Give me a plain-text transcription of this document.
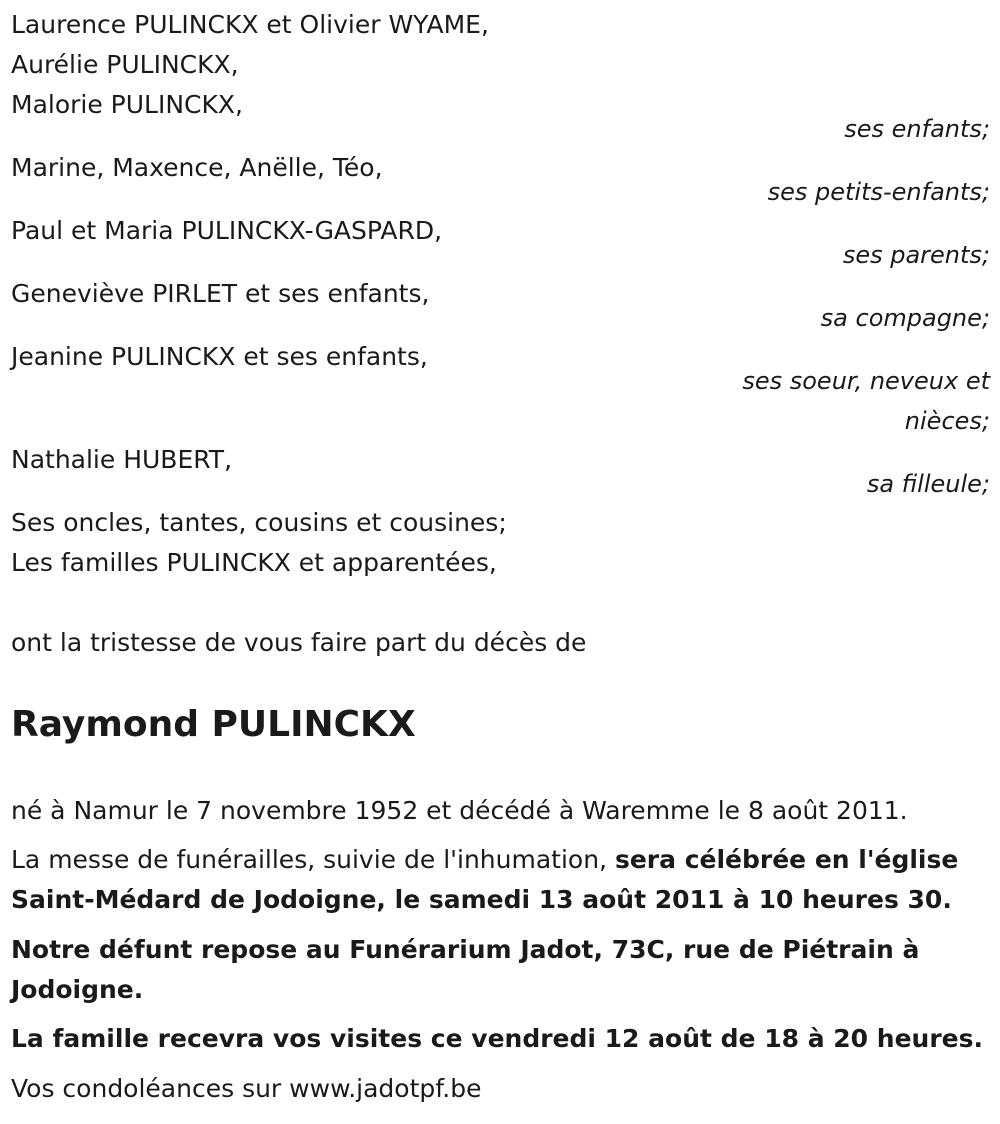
Laurence PULINCKX et Olivier WYAME,
Aurélie PULINCKX,
Malorie PULINCKX,
ses enfants;
Marine, Maxence, Anëlle, Téo,
ses petits-enfants;
Paul et Maria PULINCKX-GASPARD,
ses parents;
Geneviève PIRLET et ses enfants,
sa compagne;
Jeanine PULINCKX et ses enfants,
ses soeur, neveux et
nièces;
Nathalie HUBERT,
sa filleule;
Ses oncles, tantes, cousins et cousines;
Les familles PULINCKX et apparentées,
ont la tristesse de vous faire part du décès de
Raymond PULINCKX
né à Namur le 7 novembre 1952 et décédé à Waremme le 8 août 2011.
La messe de funérailles, suivie de l'inhumation, sera célébrée en l'église
Saint-Médard de Jodoigne, le samedi 13 août 2011 à 10 heures 30.
Notre défunt repose au Funérarium Jadot, 73C, rue de Piétrain à
Jodoigne.
La famille recevra vos visites ce vendredi 12 août de 18 à 20 heures.
Vos condoléances sur www.jadotpf.be
